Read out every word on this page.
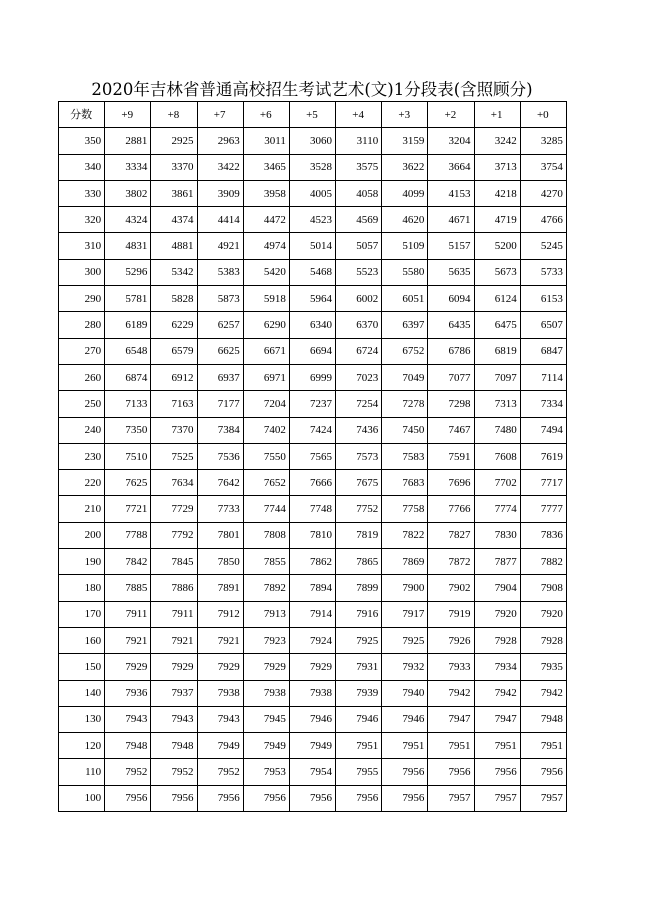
2020年吉林省普通高校招生考试艺术(文)1分段表(含照顾分)
分数	+9	+8	+7	+6	+5	+4	+3	+2	+1	+0
350	2881	2925	2963	3011	3060	3110	3159	3204	3242	3285
340	3334	3370	3422	3465	3528	3575	3622	3664	3713	3754
330	3802	3861	3909	3958	4005	4058	4099	4153	4218	4270
320	4324	4374	4414	4472	4523	4569	4620	4671	4719	4766
310	4831	4881	4921	4974	5014	5057	5109	5157	5200	5245
300	5296	5342	5383	5420	5468	5523	5580	5635	5673	5733
290	5781	5828	5873	5918	5964	6002	6051	6094	6124	6153
280	6189	6229	6257	6290	6340	6370	6397	6435	6475	6507
270	6548	6579	6625	6671	6694	6724	6752	6786	6819	6847
260	6874	6912	6937	6971	6999	7023	7049	7077	7097	7114
250	7133	7163	7177	7204	7237	7254	7278	7298	7313	7334
240	7350	7370	7384	7402	7424	7436	7450	7467	7480	7494
230	7510	7525	7536	7550	7565	7573	7583	7591	7608	7619
220	7625	7634	7642	7652	7666	7675	7683	7696	7702	7717
210	7721	7729	7733	7744	7748	7752	7758	7766	7774	7777
200	7788	7792	7801	7808	7810	7819	7822	7827	7830	7836
190	7842	7845	7850	7855	7862	7865	7869	7872	7877	7882
180	7885	7886	7891	7892	7894	7899	7900	7902	7904	7908
170	7911	7911	7912	7913	7914	7916	7917	7919	7920	7920
160	7921	7921	7921	7923	7924	7925	7925	7926	7928	7928
150	7929	7929	7929	7929	7929	7931	7932	7933	7934	7935
140	7936	7937	7938	7938	7938	7939	7940	7942	7942	7942
130	7943	7943	7943	7945	7946	7946	7946	7947	7947	7948
120	7948	7948	7949	7949	7949	7951	7951	7951	7951	7951
110	7952	7952	7952	7953	7954	7955	7956	7956	7956	7956
100	7956	7956	7956	7956	7956	7956	7956	7957	7957	7957
